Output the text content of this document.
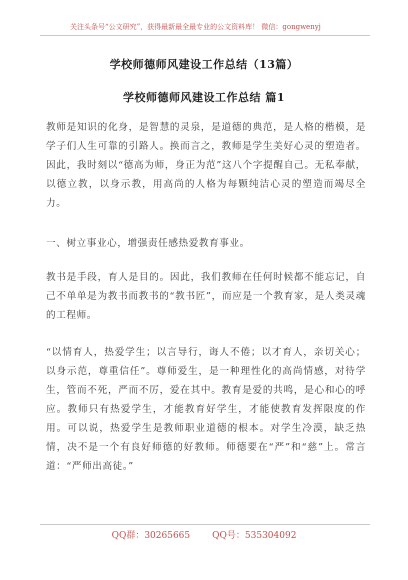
关注头条号“公文研究”，获得最新最全最专业的公文资料库！ 微信：gongwenyj
学校师德师风建设工作总结（13篇）
学校师德师风建设工作总结 篇1
教师是知识的化身，是智慧的灵泉，是道德的典范，是人格的楷模，是学子们人生可靠的引路人。换而言之，教师是学生美好心灵的塑造者。因此，我时刻以“德高为师，身正为范”这八个字提醒自己。无私奉献，以德立教，以身示教，用高尚的人格为每颗纯洁心灵的塑造而竭尽全力。
一、树立事业心，增强责任感热爱教育事业。
教书是手段，育人是目的。因此，我们教师在任何时候都不能忘记，自己不单单是为教书而教书的“教书匠”，而应是一个教育家，是人类灵魂的工程师。
“以情育人，热爱学生；以言导行，诲人不倦；以才育人，亲切关心；以身示范，尊重信任”。尊师爱生，是一种理性化的高尚情感，对待学生，管而不死，严而不厉，爱在其中。教育是爱的共鸣，是心和心的呼应。教师只有热爱学生，才能教育好学生，才能使教育发挥限度的作用。可以说，热爱学生是教师职业道德的根本。对学生冷漠，缺乏热情，决不是一个有良好师德的好教师。师德要在“严”和“慈”上。常言道：“严师出高徒。”
QQ群：30265665 QQ号：535304092
